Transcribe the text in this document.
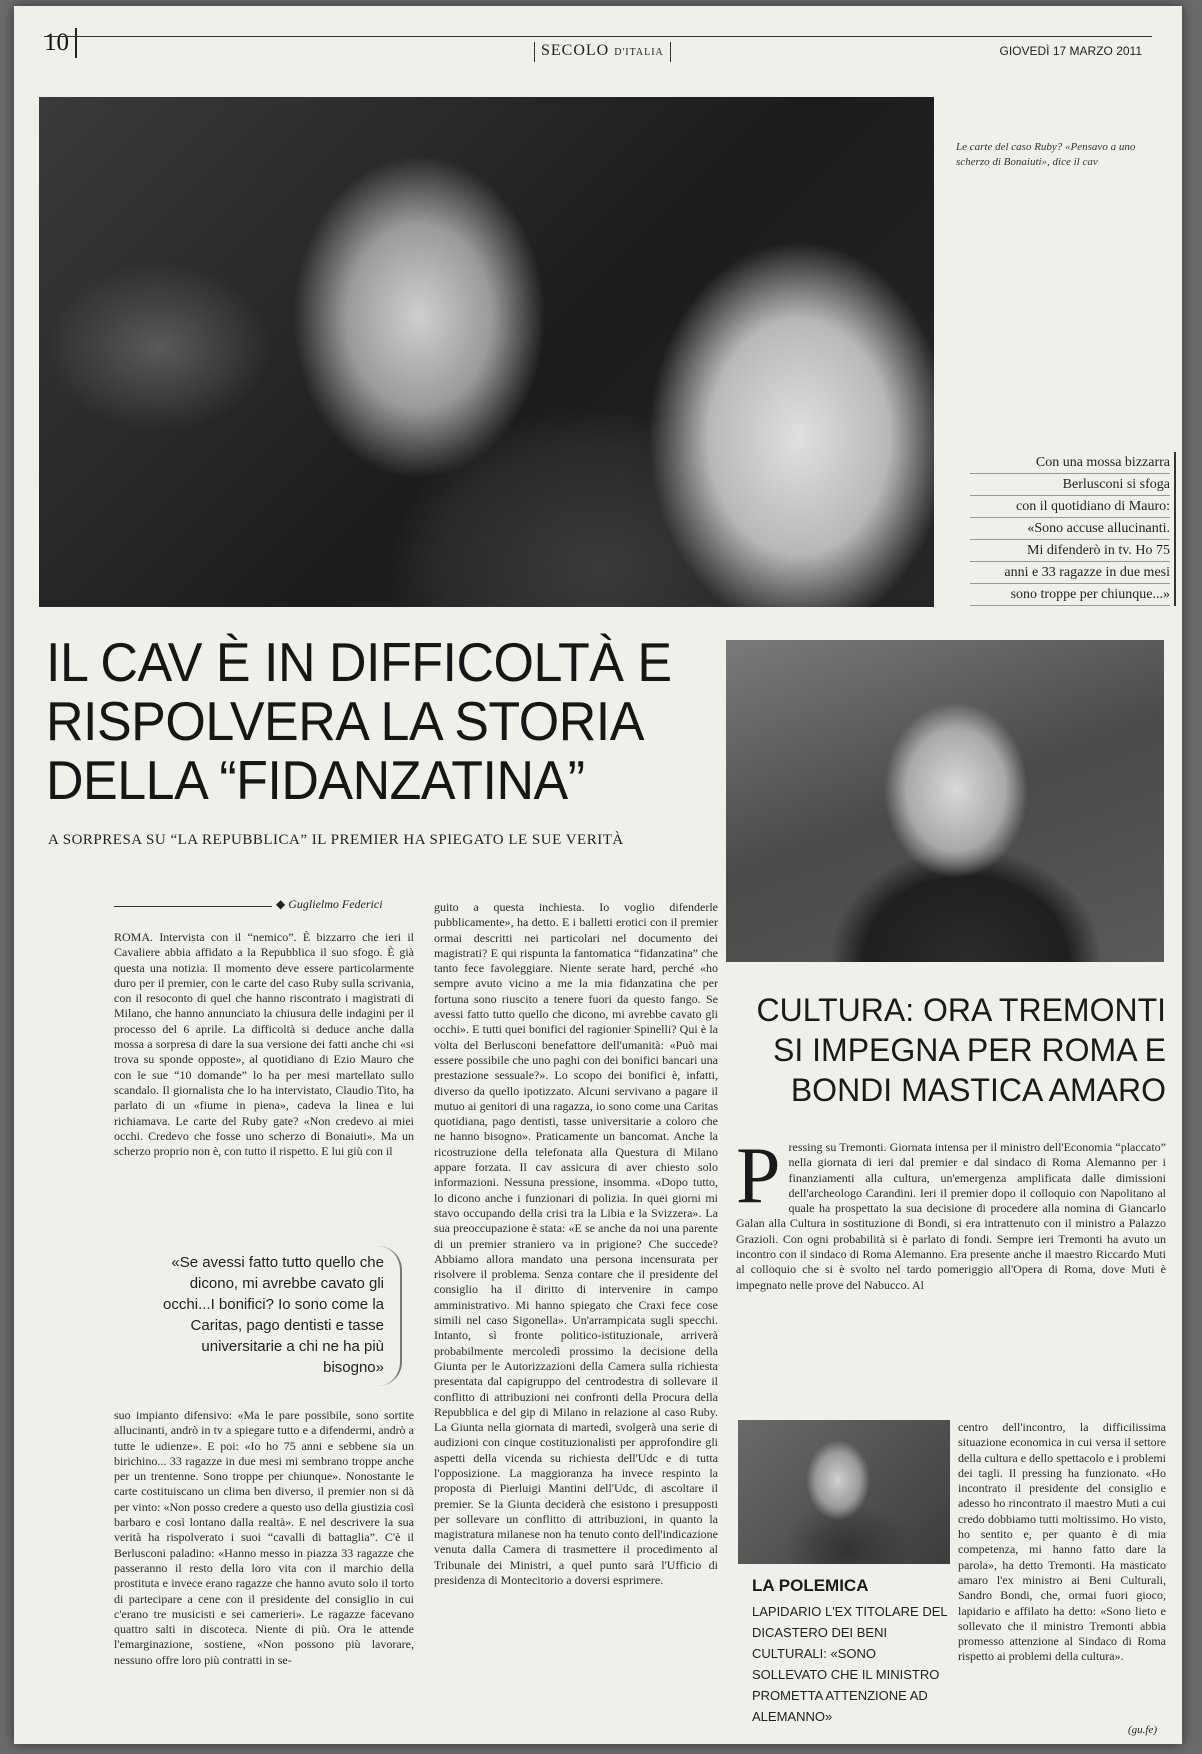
10	SECOLO D'ITALIA	GIOVEDÌ 17 MARZO 2011
Le carte del caso Ruby? «Pensavo a uno scherzo di Bonaiuti», dice il cav
Con una mossa bizzarra
Berlusconi si sfoga
con il quotidiano di Mauro:
«Sono accuse allucinanti.
Mi difenderò in tv. Ho 75
anni e 33 ragazze in due mesi
sono troppe per chiunque...»
IL CAV È IN DIFFICOLTÀ E RISPOLVERA LA STORIA DELLA “FIDANZATINA”
A SORPRESA SU “LA REPUBBLICA” IL PREMIER HA SPIEGATO LE SUE VERITÀ
CULTURA: ORA TREMONTI SI IMPEGNA PER ROMA E BONDI MASTICA AMARO
◆ Guglielmo Federici

ROMA. Intervista con il “nemico”. È bizzarro che ieri il Cavaliere abbia affidato a la Repubblica il suo sfogo. È già questa una notizia. Il momento deve essere particolarmente duro per il premier, con le carte del caso Ruby sulla scrivania, con il resoconto di quel che hanno riscontrato i magistrati di Milano, che hanno annunciato la chiusura delle indagini per il processo del 6 aprile. La difficoltà si deduce anche dalla mossa a sorpresa di dare la sua versione dei fatti anche chi «si trova su sponde opposte», al quotidiano di Ezio Mauro che con le sue “10 domande” lo ha per mesi martellato sullo scandalo. Il giornalista che lo ha intervistato, Claudio Tito, ha parlato di un «fiume in piena», cadeva la linea e lui richiamava. Le carte del Ruby gate? «Non credevo ai miei occhi. Credevo che fosse uno scherzo di Bonaiuti». Ma un scherzo proprio non è, con tutto il rispetto. E lui giù con il

«Se avessi fatto tutto quello che dicono, mi avrebbe cavato gli occhi...I bonifici? Io sono come la Caritas, pago dentisti e tasse universitarie a chi ne ha più bisogno»

suo impianto difensivo: «Ma le pare possibile, sono sortite allucinanti, andrò in tv a spiegare tutto e a difendermi, andrò a tutte le udienze». E poi: «Io ho 75 anni e sebbene sia un birichino... 33 ragazze in due mesi mi sembrano troppe anche per un trentenne. Sono troppe per chiunque». Nonostante le carte costituiscano un clima ben diverso, il premier non si dà per vinto: «Non posso credere a questo uso della giustizia così barbaro e così lontano dalla realtà». E nel descrivere la sua verità ha rispolverato i suoi “cavalli di battaglia”. C'è il Berlusconi paladino: «Hanno messo in piazza 33 ragazze che passeranno il resto della loro vita con il marchio della prostituta e invece erano ragazze che hanno avuto solo il torto di partecipare a cene con il presidente del consiglio in cui c'erano tre musicisti e sei camerieri». Le ragazze facevano quattro salti in discoteca. Niente di più. Ora le attende l'emarginazione, sostiene, «Non possono più lavorare, nessuno offre loro più contratti in se-

guito a questa inchiesta. Io voglio difenderle pubblicamente», ha detto. E i balletti erotici con il premier ormai descritti nei particolari nel documento dei magistrati? E qui rispunta la fantomatica “fidanzatina” che tanto fece favoleggiare. Niente serate hard, perché «ho sempre avuto vicino a me la mia fidanzatina che per fortuna sono riuscito a tenere fuori da questo fango. Se avessi fatto tutto quello che dicono, mi avrebbe cavato gli occhi». E tutti quei bonifici del ragionier Spinelli? Qui è la volta del Berlusconi benefattore dell'umanità: «Può mai essere possibile che uno paghi con dei bonifici bancari una prestazione sessuale?». Lo scopo dei bonifici è, infatti, diverso da quello ipotizzato. Alcuni servivano a pagare il mutuo ai genitori di una ragazza, io sono come una Caritas quotidiana, pago dentisti, tasse universitarie a coloro che ne hanno bisogno». Praticamente un bancomat. Anche la ricostruzione della telefonata alla Questura di Milano appare forzata. Il cav assicura di aver chiesto solo informazioni. Nessuna pressione, insomma. «Dopo tutto, lo dicono anche i funzionari di polizia. In quei giorni mi stavo occupando della crisi tra la Libia e la Svizzera». La sua preoccupazione è stata: «E se anche da noi una parente di un premier straniero va in prigione? Che succede? Abbiamo allora mandato una persona incensurata per risolvere il problema. Senza contare che il presidente del consiglio ha il diritto di intervenire in campo amministrativo. Mi hanno spiegato che Craxi fece cose simili nel caso Sigonella». Un'arrampicata sugli specchi. Intanto, sì fronte politico-istituzionale, arriverà probabilmente mercoledì prossimo la decisione della Giunta per le Autorizzazioni della Camera sulla richiesta presentata dal capigruppo del centrodestra di sollevare il conflitto di attribuzioni nei confronti della Procura della Repubblica e del gip di Milano in relazione al caso Ruby. La Giunta nella giornata di martedì, svolgerà una serie di audizioni con cinque costituzionalisti per approfondire gli aspetti della vicenda su richiesta dell'Udc e di tutta l'opposizione. La maggioranza ha invece respinto la proposta di Pierluigi Mantini dell'Udc, di ascoltare il premier. Se la Giunta deciderà che esistono i presupposti per sollevare un conflitto di attribuzioni, in quanto la magistratura milanese non ha tenuto conto dell'indicazione venuta dalla Camera di trasmettere il procedimento al Tribunale dei Ministri, a quel punto sarà l'Ufficio di presidenza di Montecitorio a doversi esprimere.

P ressing su Tremonti. Giornata intensa per il ministro dell'Economia “placcato” nella giornata di ieri dal premier e dal sindaco di Roma Alemanno per i finanziamenti alla cultura, un'emergenza amplificata dalle dimissioni dell'archeologo Carandini. Ieri il premier dopo il colloquio con Napolitano al quale ha prospettato la sua decisione di procedere alla nomina di Giancarlo Galan alla Cultura in sostituzione di Bondi, si era intrattenuto con il ministro a Palazzo Grazioli. Con ogni probabilità si è parlato di fondi. Sempre ieri Tremonti ha avuto un incontro con il sindaco di Roma Alemanno. Era presente anche il maestro Riccardo Muti al colloquio che si è svolto nel tardo pomeriggio all'Opera di Roma, dove Muti è impegnato nelle prove del Nabucco. Al

LA POLEMICA
LAPIDARIO L'EX TITOLARE DEL DICASTERO DEI BENI CULTURALI: «SONO SOLLEVATO CHE IL MINISTRO PROMETTA ATTENZIONE AD ALEMANNO»

centro dell'incontro, la difficilissima situazione economica in cui versa il settore della cultura e dello spettacolo e i problemi dei tagli. Il pressing ha funzionato. «Ho incontrato il presidente del consiglio e adesso ho rincontrato il maestro Muti a cui credo dobbiamo tutti moltissimo. Ho visto, ho sentito e, per quanto è di mia competenza, mi hanno fatto dare la parola», ha detto Tremonti. Ha masticato amaro l'ex ministro ai Beni Culturali, Sandro Bondi, che, ormai fuori gioco, lapidario e affilato ha detto: «Sono lieto e sollevato che il ministro Tremonti abbia promesso attenzione al Sindaco di Roma rispetto ai problemi della cultura».

(gu.fe)
